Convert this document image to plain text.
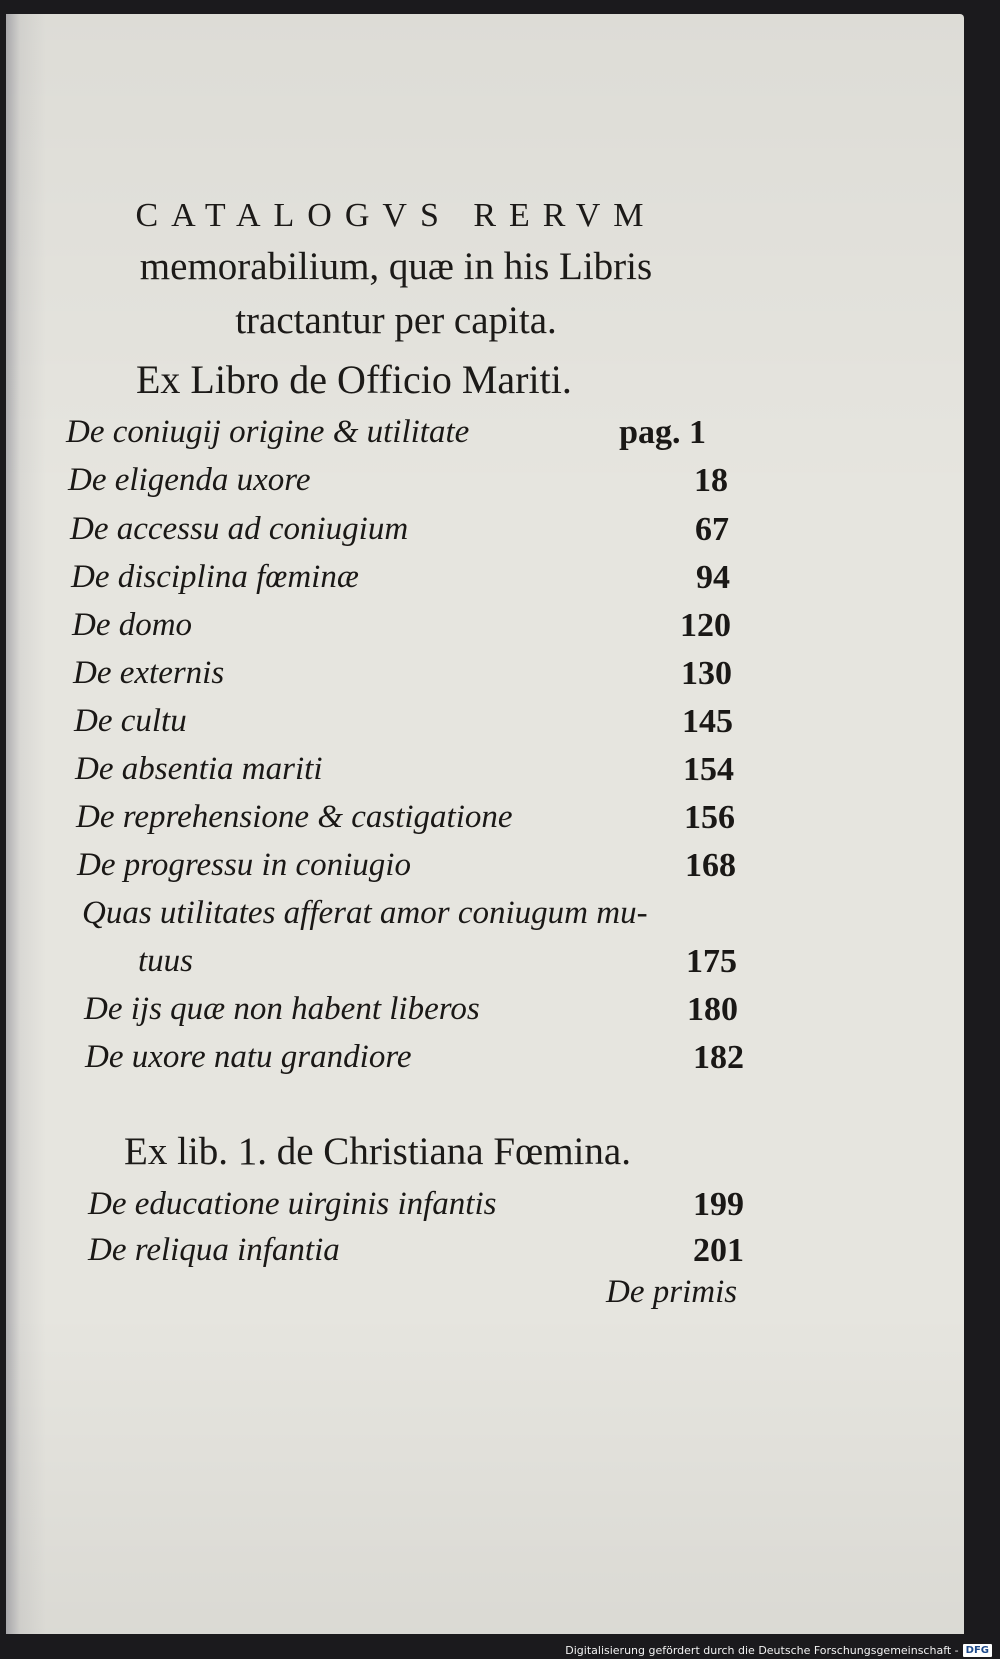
CATALOGVS RERVM
memorabilium, quæ in his Libris
tractantur per capita.
Ex Libro de Officio Mariti.
De coniugij origine & utilitate	pag. 1
De eligenda uxore	18
De accessu ad coniugium	67
De disciplina fœminæ	94
De domo	120
De externis	130
De cultu	145
De absentia mariti	154
De reprehensione & castigatione	156
De progressu in coniugio	168
Quas utilitates afferat amor coniugum mu-
tuus	175
De ijs quæ non habent liberos	180
De uxore natu grandiore	182
Ex lib. 1. de Christiana Fœmina.
De educatione uirginis infantis	199
De reliqua infantia	201
De primis
Digitalisierung gefördert durch die Deutsche Forschungsgemeinschaft - DFG
